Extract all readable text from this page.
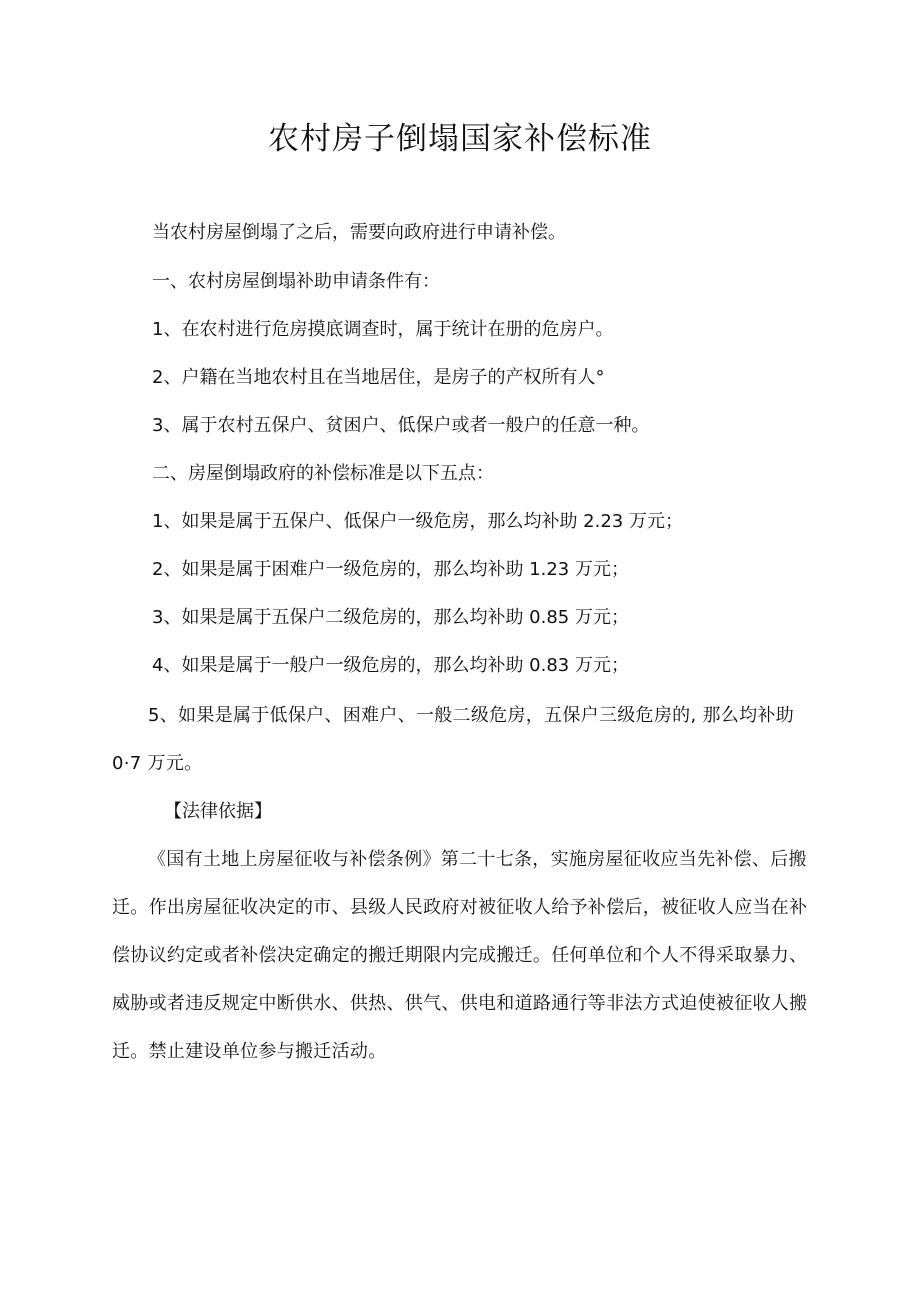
农村房子倒塌国家补偿标准

当农村房屋倒塌了之后，需要向政府进行申请补偿。

一、农村房屋倒塌补助申请条件有：

1、在农村进行危房摸底调查时，属于统计在册的危房户。

2、户籍在当地农村且在当地居住，是房子的产权所有人°

3、属于农村五保户、贫困户、低保户或者一般户的任意一种。

二、房屋倒塌政府的补偿标准是以下五点：

1、如果是属于五保户、低保户一级危房，那么均补助 2.23 万元；

2、如果是属于困难户一级危房的，那么均补助 1.23 万元；

3、如果是属于五保户二级危房的，那么均补助 0.85 万元；

4、如果是属于一般户一级危房的，那么均补助 0.83 万元；

5、如果是属于低保户、困难户、一般二级危房，五保户三级危房的, 那么均补助 0·7 万元。

【法律依据】

《国有土地上房屋征收与补偿条例》第二十七条，实施房屋征收应当先补偿、后搬迁。作出房屋征收决定的市、县级人民政府对被征收人给予补偿后，被征收人应当在补偿协议约定或者补偿决定确定的搬迁期限内完成搬迁。任何单位和个人不得采取暴力、威胁或者违反规定中断供水、供热、供气、供电和道路通行等非法方式迫使被征收人搬迁。禁止建设单位参与搬迁活动。
